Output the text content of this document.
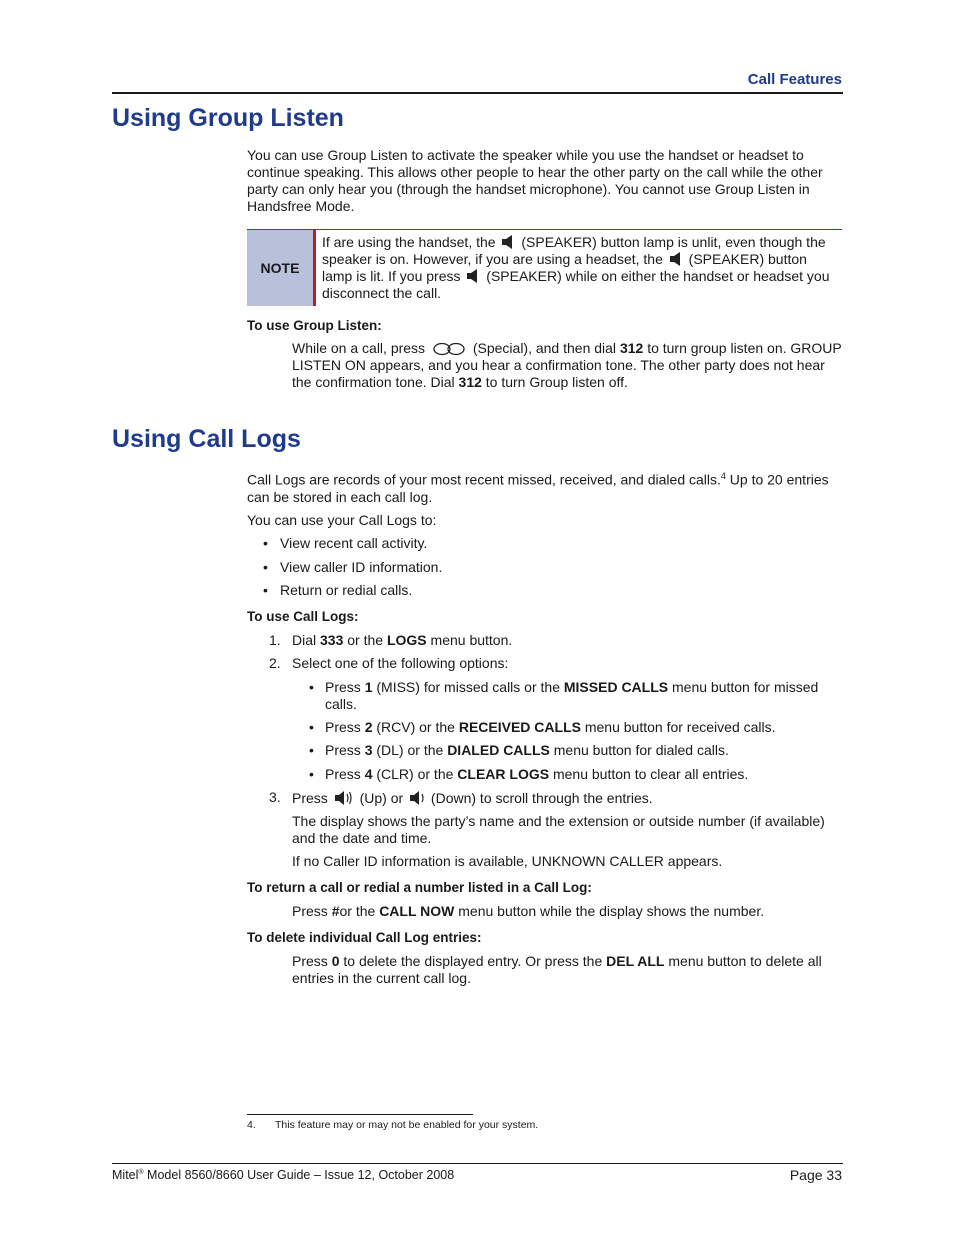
Call Features
Using Group Listen
You can use Group Listen to activate the speaker while you use the handset or headset to continue speaking. This allows other people to hear the other party on the call while the other party can only hear you (through the handset microphone). You cannot use Group Listen in Handsfree Mode.
NOTE
If are using the handset, the (SPEAKER) button lamp is unlit, even though the speaker is on. However, if you are using a headset, the (SPEAKER) button lamp is lit. If you press (SPEAKER) while on either the handset or headset you disconnect the call.
To use Group Listen:
While on a call, press	(Special), and then dial 312 to turn group listen on. GROUP LISTEN ON appears, and you hear a confirmation tone. The other party does not hear the confirmation tone. Dial 312 to turn Group listen off.
Using Call Logs
Call Logs are records of your most recent missed, received, and dialed calls.$^4$ Up to 20 entries can be stored in each call log.
You can use your Call Logs to:
• View recent call activity.
• View caller ID information.
• Return or redial calls.
To use Call Logs:
1. Dial 333 or the LOGS menu button.
2. Select one of the following options:
• Press 1 (MISS) for missed calls or the MISSED CALLS menu button for missed calls.
• Press 2 (RCV) or the RECEIVED CALLS menu button for received calls.
• Press 3 (DL) or the DIALED CALLS menu button for dialed calls.
• Press 4 (CLR) or the CLEAR LOGS menu button to clear all entries.
3. Press (Up) or (Down) to scroll through the entries.
The display shows the party’s name and the extension or outside number (if available) and the date and time.
If no Caller ID information is available, UNKNOWN CALLER appears.
To return a call or redial a number listed in a Call Log:
Press #or the CALL NOW menu button while the display shows the number.
To delete individual Call Log entries:
Press 0 to delete the displayed entry. Or press the DEL ALL menu button to delete all entries in the current call log.
4. This feature may or may not be enabled for your system.
Mitel® Model 8560/8660 User Guide – Issue 12, October 2008	Page 33
